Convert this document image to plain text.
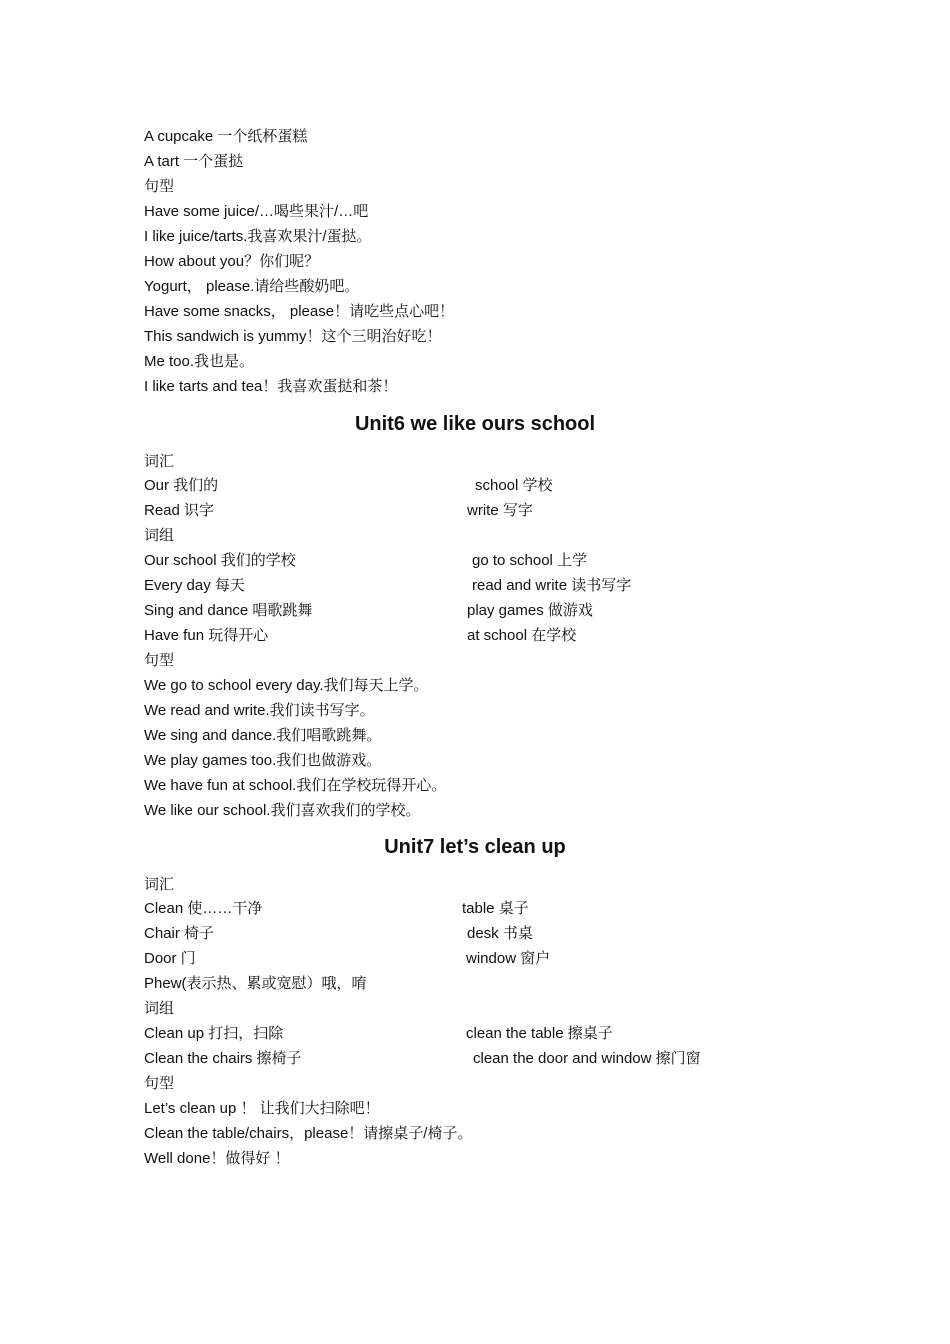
A cupcake 一个纸杯蛋糕
A tart 一个蛋挞
句型
Have some juice/…喝些果汁/…吧
I like juice/tarts.我喜欢果汁/蛋挞。
How about you？你们呢？
Yogurt， please.请给些酸奶吧。
Have some snacks， please！请吃些点心吧！
This sandwich is yummy！这个三明治好吃！
Me too.我也是。
I like tarts and tea！我喜欢蛋挞和茶！
Unit6 we like ours school
词汇
Our 我们的	school 学校
Read 识字	write 写字
词组
Our school 我们的学校	go to school 上学
Every day 每天	read and write 读书写字
Sing and dance 唱歌跳舞	play games 做游戏
Have fun 玩得开心	at school 在学校
句型
We go to school every day.我们每天上学。
We read and write.我们读书写字。
We sing and dance.我们唱歌跳舞。
We play games too.我们也做游戏。
We have fun at school.我们在学校玩得开心。
We like our school.我们喜欢我们的学校。
Unit7 let’s clean up
词汇
Clean 使……干净	table 桌子
Chair 椅子	desk 书桌
Door 门	window 窗户
Phew(表示热、累或宽慰）哦，唷
词组
Clean up 打扫，扫除	clean the table 擦桌子
Clean the chairs 擦椅子	clean the door and window 擦门窗
句型
Let’s clean up ！ 让我们大扫除吧！
Clean the table/chairs，please！请擦桌子/椅子。
Well done！做得好 ！
